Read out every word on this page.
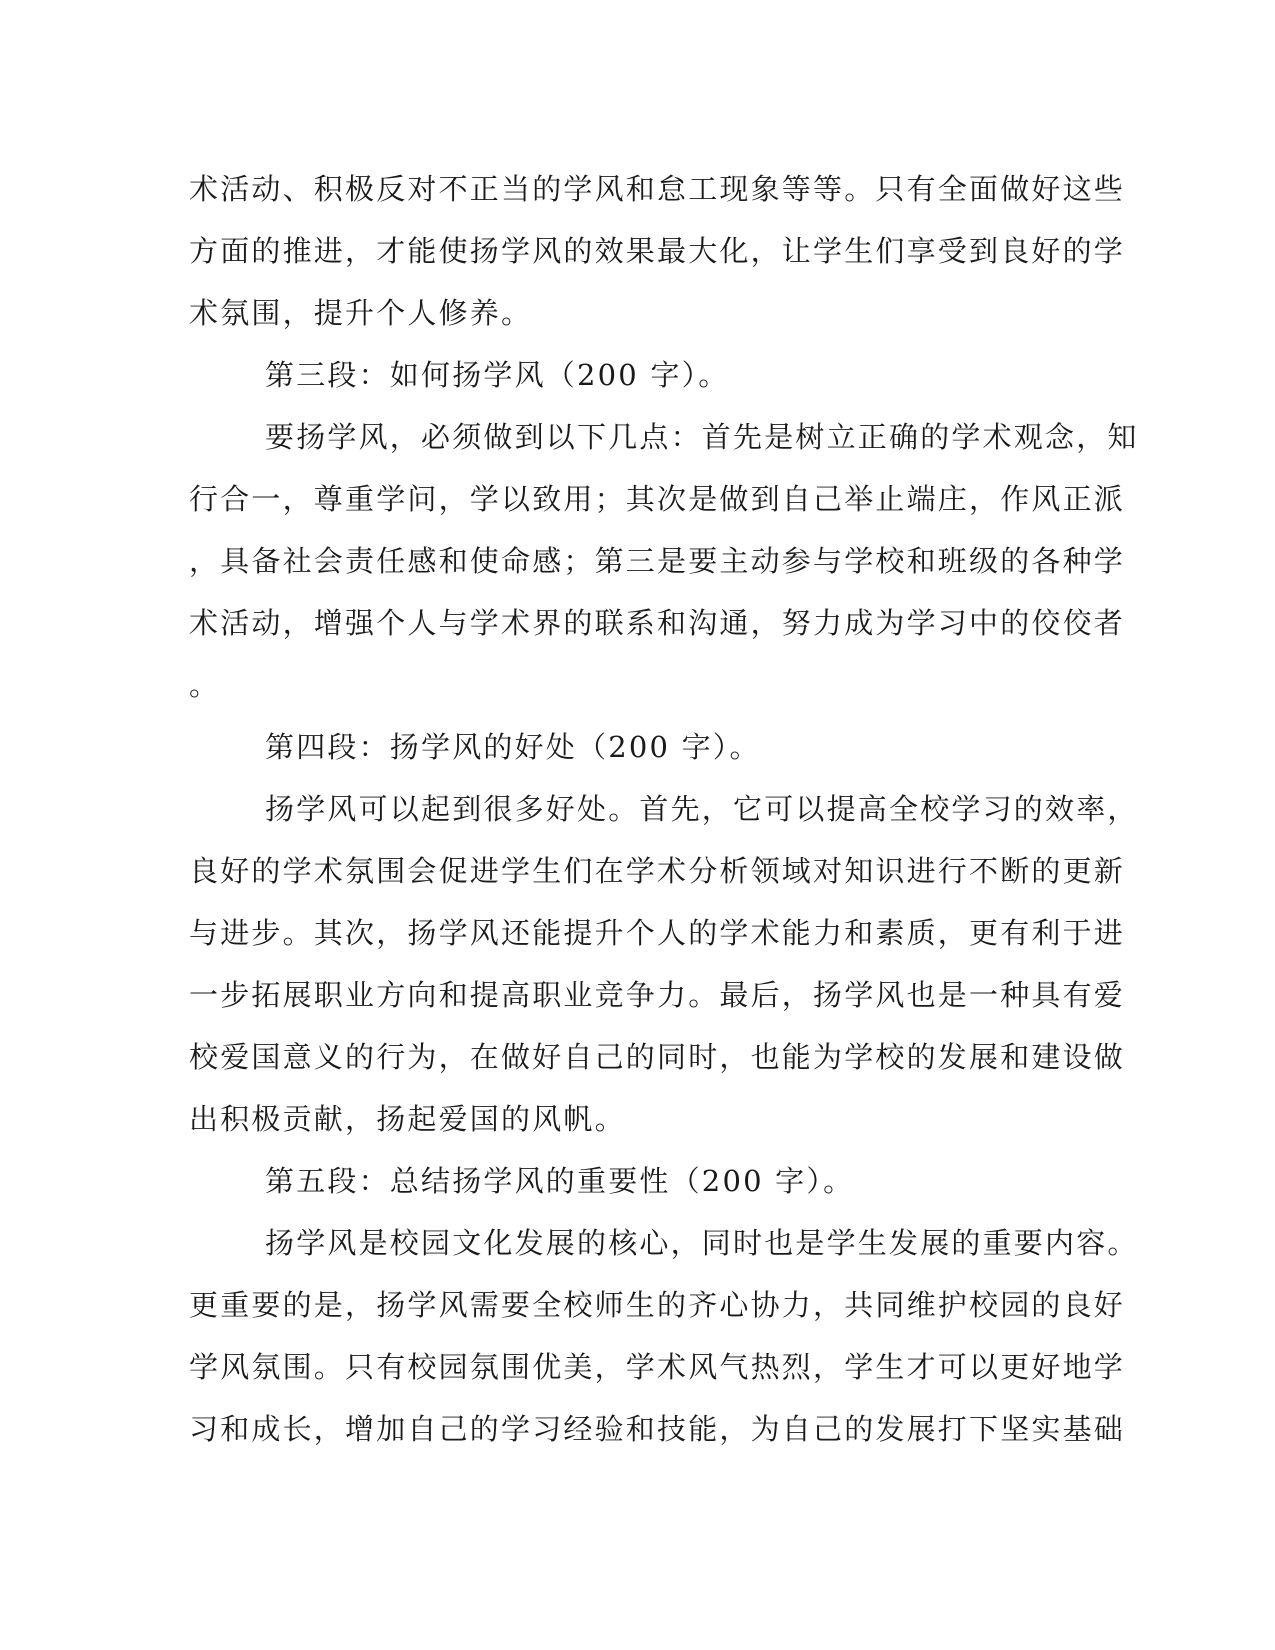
术活动、积极反对不正当的学风和怠工现象等等。只有全面做好这些
方面的推进，才能使扬学风的效果最大化，让学生们享受到良好的学
术氛围，提升个人修养。
第三段：如何扬学风（200 字）。
要扬学风，必须做到以下几点：首先是树立正确的学术观念，知
行合一，尊重学问，学以致用；其次是做到自己举止端庄，作风正派
，具备社会责任感和使命感；第三是要主动参与学校和班级的各种学
术活动，增强个人与学术界的联系和沟通，努力成为学习中的佼佼者
。
第四段：扬学风的好处（200 字）。
扬学风可以起到很多好处。首先，它可以提高全校学习的效率，
良好的学术氛围会促进学生们在学术分析领域对知识进行不断的更新
与进步。其次，扬学风还能提升个人的学术能力和素质，更有利于进
一步拓展职业方向和提高职业竞争力。最后，扬学风也是一种具有爱
校爱国意义的行为，在做好自己的同时，也能为学校的发展和建设做
出积极贡献，扬起爱国的风帆。
第五段：总结扬学风的重要性（200 字）。
扬学风是校园文化发展的核心，同时也是学生发展的重要内容。
更重要的是，扬学风需要全校师生的齐心协力，共同维护校园的良好
学风氛围。只有校园氛围优美，学术风气热烈，学生才可以更好地学
习和成长，增加自己的学习经验和技能，为自己的发展打下坚实基础
